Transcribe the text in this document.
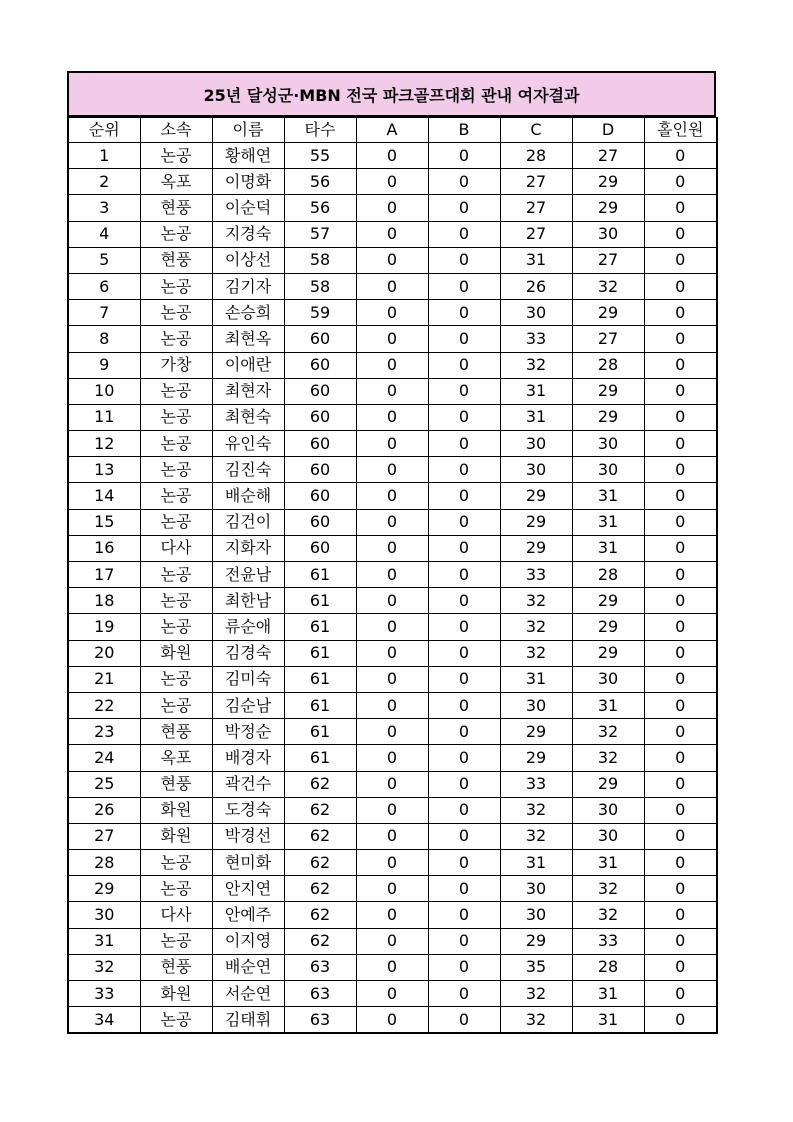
25년 달성군·MBN 전국 파크골프대회 관내 여자결과
순위	소속	이름	타수	A	B	C	D	홀인원
1	논공	황해연	55	0	0	28	27	0
2	옥포	이명화	56	0	0	27	29	0
3	현풍	이순덕	56	0	0	27	29	0
4	논공	지경숙	57	0	0	27	30	0
5	현풍	이상선	58	0	0	31	27	0
6	논공	김기자	58	0	0	26	32	0
7	논공	손승희	59	0	0	30	29	0
8	논공	최현옥	60	0	0	33	27	0
9	가창	이애란	60	0	0	32	28	0
10	논공	최현자	60	0	0	31	29	0
11	논공	최현숙	60	0	0	31	29	0
12	논공	유인숙	60	0	0	30	30	0
13	논공	김진숙	60	0	0	30	30	0
14	논공	배순해	60	0	0	29	31	0
15	논공	김건이	60	0	0	29	31	0
16	다사	지화자	60	0	0	29	31	0
17	논공	전윤남	61	0	0	33	28	0
18	논공	최한남	61	0	0	32	29	0
19	논공	류순애	61	0	0	32	29	0
20	화원	김경숙	61	0	0	32	29	0
21	논공	김미숙	61	0	0	31	30	0
22	논공	김순남	61	0	0	30	31	0
23	현풍	박정순	61	0	0	29	32	0
24	옥포	배경자	61	0	0	29	32	0
25	현풍	곽건수	62	0	0	33	29	0
26	화원	도경숙	62	0	0	32	30	0
27	화원	박경선	62	0	0	32	30	0
28	논공	현미화	62	0	0	31	31	0
29	논공	안지연	62	0	0	30	32	0
30	다사	안예주	62	0	0	30	32	0
31	논공	이지영	62	0	0	29	33	0
32	현풍	배순연	63	0	0	35	28	0
33	화원	서순연	63	0	0	32	31	0
34	논공	김태휘	63	0	0	32	31	0
